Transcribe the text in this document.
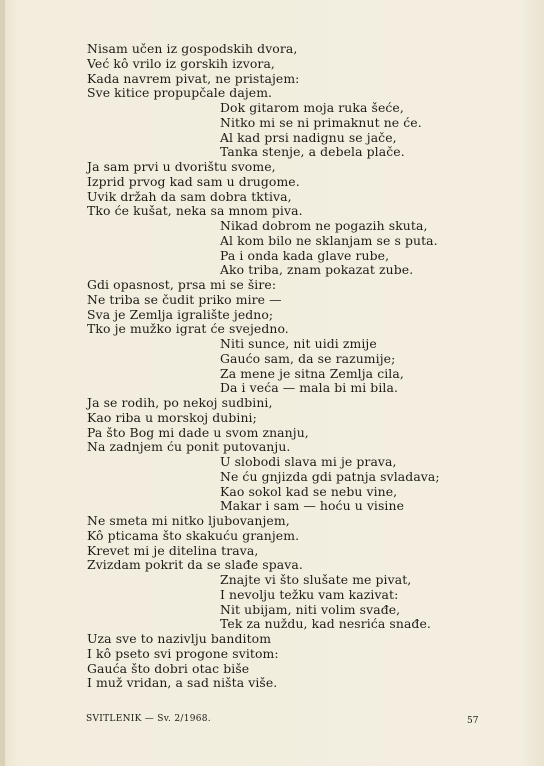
Nisam učen iz gospodskih dvora,
Već kô vrilo iz gorskih izvora,
Kada navrem pivat, ne pristajem:
Sve kitice propupčale dajem.
Dok gitarom moja ruka šeće,
Nitko mi se ni primaknut ne će.
Al kad prsi nadignu se jače,
Tanka stenje, a debela plače.
Ja sam prvi u dvorištu svome,
Izprid prvog kad sam u drugome.
Uvik držah da sam dobra tktiva,
Tko će kušat, neka sa mnom piva.
Nikad dobrom ne pogazih skuta,
Al kom bilo ne sklanjam se s puta.
Pa i onda kada glave rube,
Ako triba, znam pokazat zube.
Gdi opasnost, prsa mi se šire:
Ne triba se čudit priko mire —
Sva je Zemlja igralište jedno;
Tko je mužko igrat će svejedno.
Niti sunce, nit uidi zmije
Gaućo sam, da se razumije;
Za mene je sitna Zemlja cila,
Da i veća — mala bi mi bila.
Ja se rodih, po nekoj sudbini,
Kao riba u morskoj dubini;
Pa što Bog mi dade u svom znanju,
Na zadnjem ću ponit putovanju.
U slobodi slava mi je prava,
Ne ću gnjizda gdi patnja svladava;
Kao sokol kad se nebu vine,
Makar i sam — hoću u visine
Ne smeta mi nitko ljubovanjem,
Kô pticama što skakuću granjem.
Krevet mi je ditelina trava,
Zvizdam pokrit da se slađe spava.
Znajte vi što slušate me pivat,
I nevolju težku vam kazivat:
Nit ubijam, niti volim svađe,
Tek za nuždu, kad nesrića snađe.
Uza sve to nazivlju banditom
I kô pseto svi progone svitom:
Gauća što dobri otac biše
I muž vridan, a sad ništa više.
SVITLENIK — Sv. 2/1968.	57
